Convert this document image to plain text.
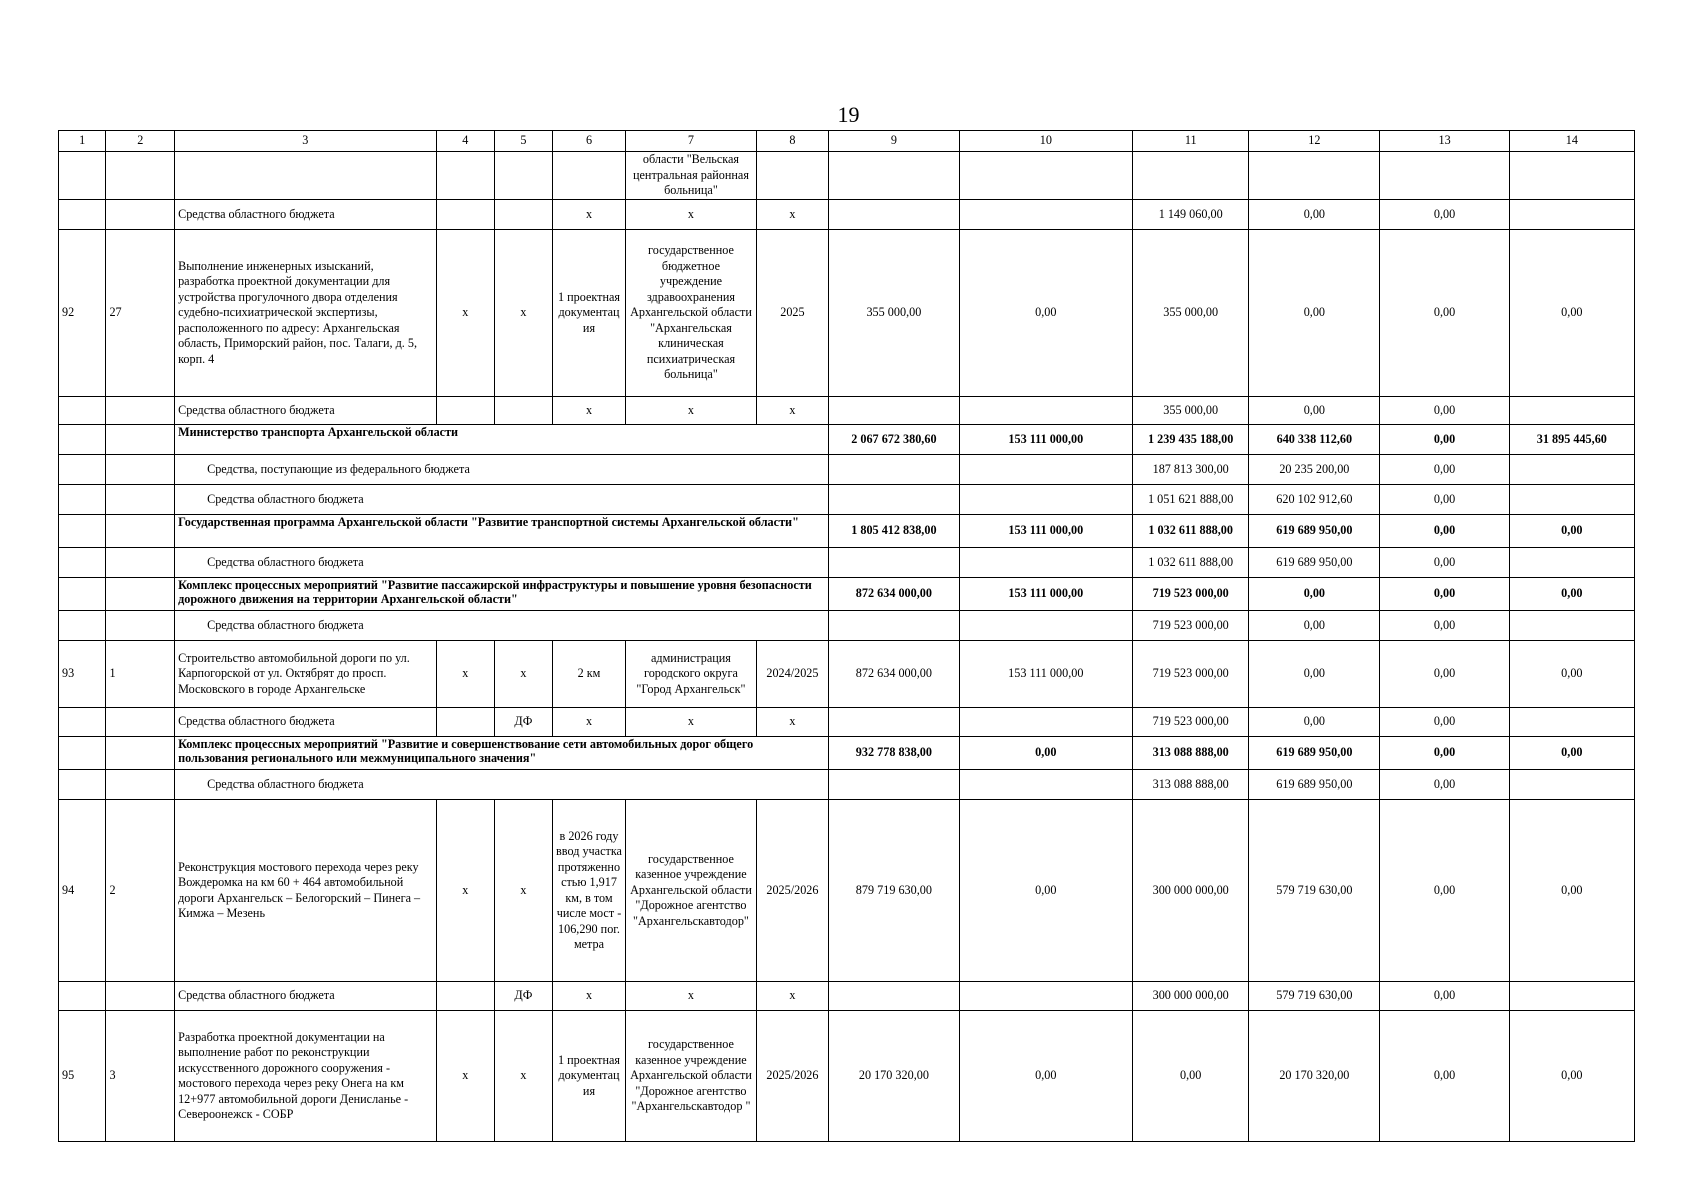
19
1	2	3	4	5	6	7	8	9	10	11	12	13	14
						области "Вельская центральная районная больница"							
		Средства областного бюджета			х	х	х			1 149 060,00	0,00	0,00	
92	27	Выполнение инженерных изысканий, разработка проектной документации для устройства прогулочного двора отделения судебно-психиатрической экспертизы, расположенного по адресу: Архангельская область, Приморский район, пос. Талаги, д. 5, корп. 4	х	х	1 проектная документация	государственное бюджетное учреждение здравоохранения Архангельской области "Архангельская клиническая психиатрическая больница"	2025	355 000,00	0,00	355 000,00	0,00	0,00	0,00
		Средства областного бюджета			х	х	х			355 000,00	0,00	0,00	
		Министерство транспорта Архангельской области						2 067 672 380,60	153 111 000,00	1 239 435 188,00	640 338 112,60	0,00	31 895 445,60
		Средства, поступающие из федерального бюджета								187 813 300,00	20 235 200,00	0,00	
		Средства областного бюджета								1 051 621 888,00	620 102 912,60	0,00	
		Государственная программа Архангельской области "Развитие транспортной системы Архангельской области"						1 805 412 838,00	153 111 000,00	1 032 611 888,00	619 689 950,00	0,00	0,00
		Средства областного бюджета								1 032 611 888,00	619 689 950,00	0,00	
		Комплекс процессных мероприятий "Развитие пассажирской инфраструктуры и повышение уровня безопасности дорожного движения на территории Архангельской области"						872 634 000,00	153 111 000,00	719 523 000,00	0,00	0,00	0,00
		Средства областного бюджета								719 523 000,00	0,00	0,00	
93	1	Строительство автомобильной дороги по ул. Карпогорской от ул. Октябрят до просп. Московского в городе Архангельске	х	х	2 км	администрация городского округа "Город Архангельск"	2024/2025	872 634 000,00	153 111 000,00	719 523 000,00	0,00	0,00	0,00
		Средства областного бюджета		ДФ	х	х	х			719 523 000,00	0,00	0,00	
		Комплекс процессных мероприятий "Развитие и совершенствование сети автомобильных дорог общего пользования регионального или межмуниципального значения"						932 778 838,00	0,00	313 088 888,00	619 689 950,00	0,00	0,00
		Средства областного бюджета								313 088 888,00	619 689 950,00	0,00	
94	2	Реконструкция мостового перехода через реку Вождеромка на км 60 + 464 автомобильной дороги Архангельск – Белогорский – Пинега – Кимжа – Мезень	х	х	в 2026 году ввод участка протяженностью 1,917 км, в том числе мост - 106,290 пог. метра	государственное казенное учреждение Архангельской области "Дорожное агентство "Архангельскавтодор"	2025/2026	879 719 630,00	0,00	300 000 000,00	579 719 630,00	0,00	0,00
		Средства областного бюджета		ДФ	х	х	х			300 000 000,00	579 719 630,00	0,00	
95	3	Разработка проектной документации на выполнение работ по реконструкции искусственного дорожного сооружения - мостового перехода через реку Онега на км 12+977 автомобильной дороги Денисланье - Североонежск - СОБР	х	х	1 проектная документация	государственное казенное учреждение Архангельской области "Дорожное агентство "Архангельскавтодор "	2025/2026	20 170 320,00	0,00	0,00	20 170 320,00	0,00	0,00
